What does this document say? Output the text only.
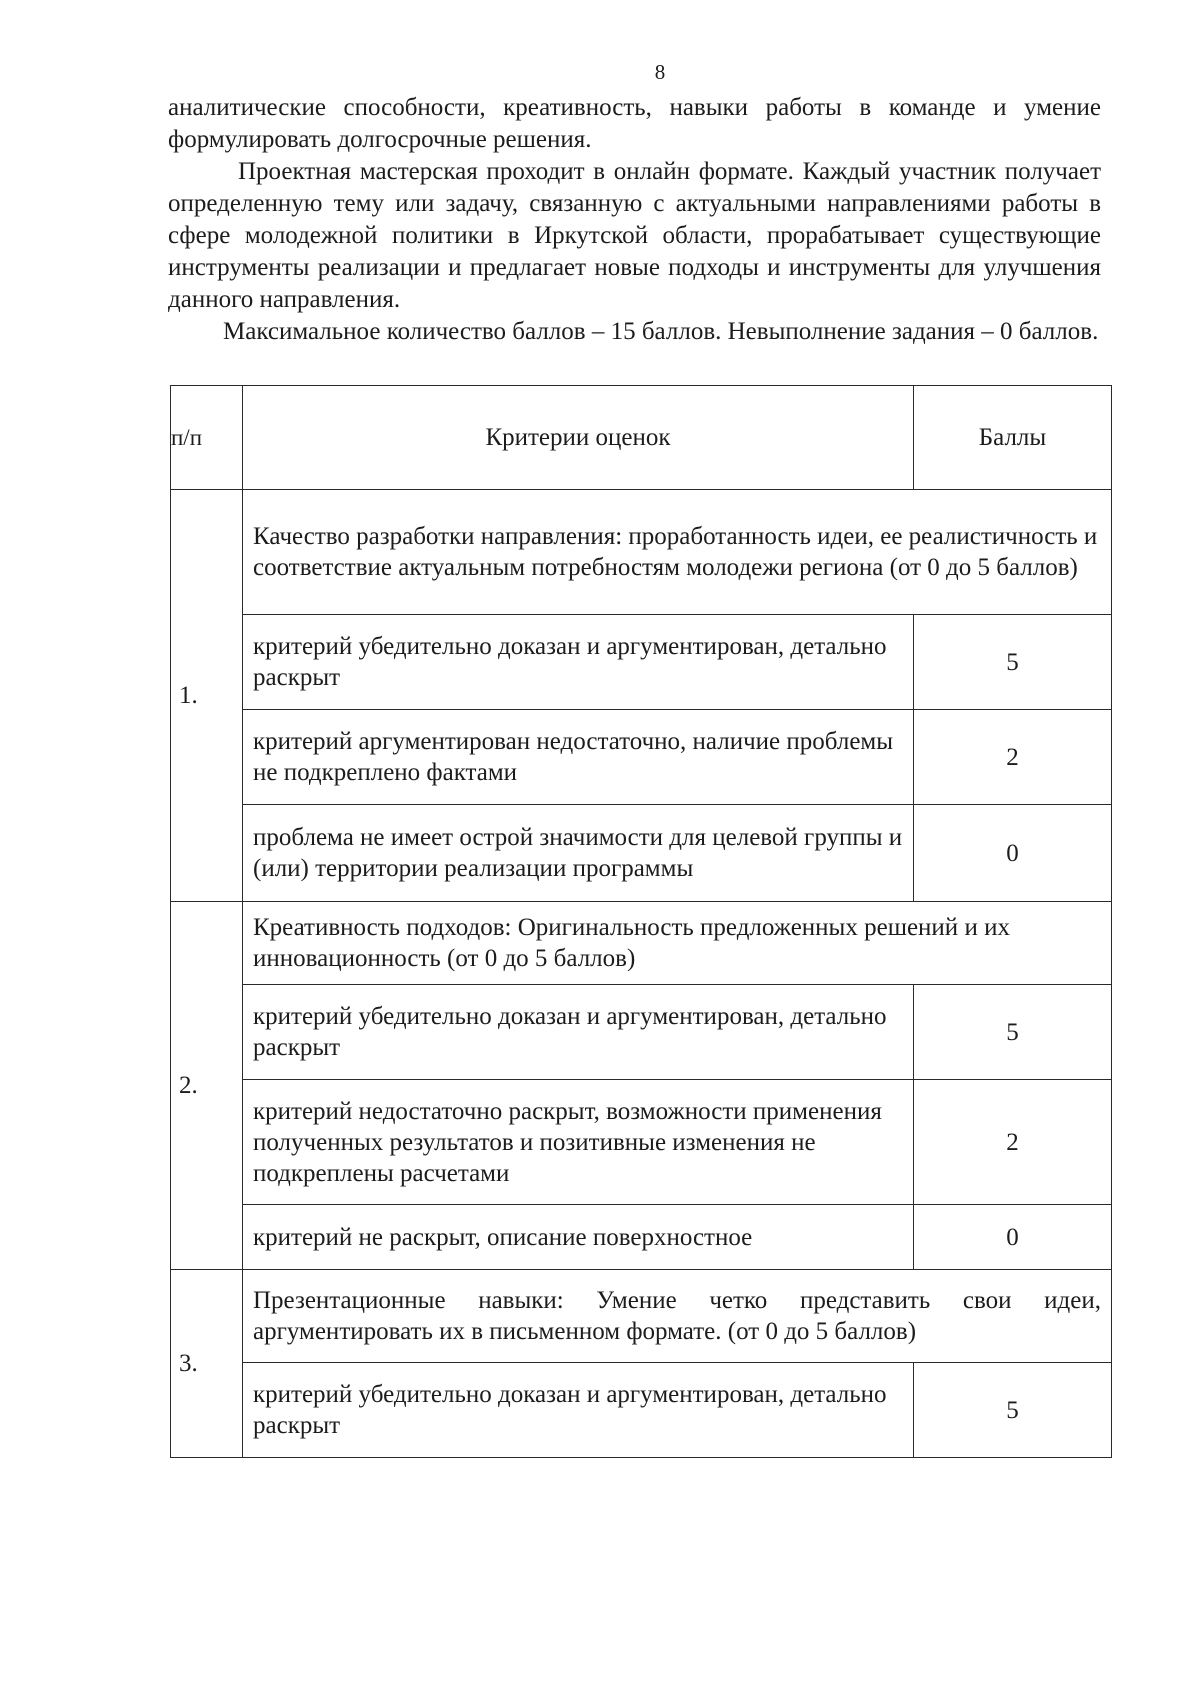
8

аналитические способности, креативность, навыки работы в команде и умение формулировать долгосрочные решения.

Проектная мастерская проходит в онлайн формате. Каждый участник получает определенную тему или задачу, связанную с актуальными направлениями работы в сфере молодежной политики в Иркутской области, прорабатывает существующие инструменты реализации и предлагает новые подходы и инструменты для улучшения данного направления.

Максимальное количество баллов – 15 баллов. Невыполнение задания – 0 баллов.

п/п	Критерии оценок	Баллы
1.	Качество разработки направления: проработанность идеи, ее реалистичность и соответствие актуальным потребностям молодежи региона (от 0 до 5 баллов)	
	критерий убедительно доказан и аргументирован, детально раскрыт	5
	критерий аргументирован недостаточно, наличие проблемы не подкреплено фактами	2
	проблема не имеет острой значимости для целевой группы и (или) территории реализации программы	0
2.	Креативность подходов: Оригинальность предложенных решений и их инновационность (от 0 до 5 баллов)	
	критерий убедительно доказан и аргументирован, детально раскрыт	5
	критерий недостаточно раскрыт, возможности применения полученных результатов и позитивные изменения не подкреплены расчетами	2
	критерий не раскрыт, описание поверхностное	0
3.	Презентационные навыки: Умение четко представить свои идеи, аргументировать их в письменном формате. (от 0 до 5 баллов)	
	критерий убедительно доказан и аргументирован, детально раскрыт	5
